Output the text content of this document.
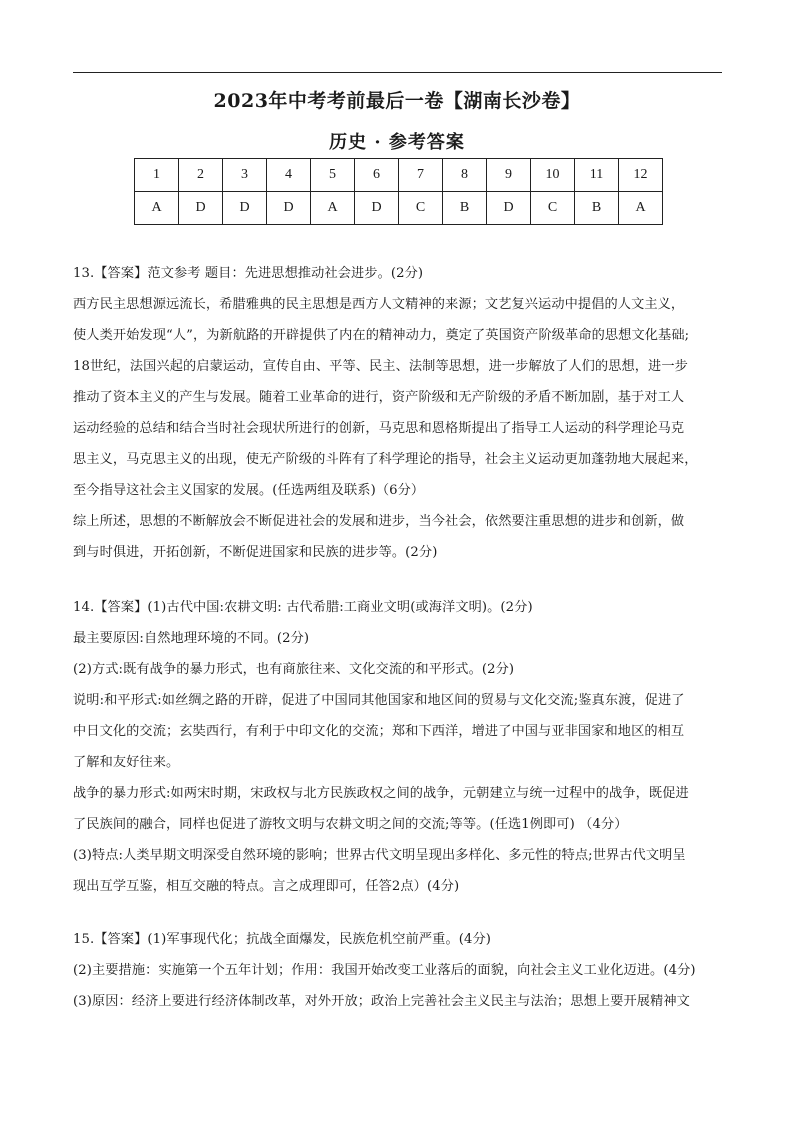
2023年中考考前最后一卷【湖南长沙卷】
历史 · 参考答案
1	2	3	4	5	6	7	8	9	10	11	12
A	D	D	D	A	D	C	B	D	C	B	A

13.【答案】范文参考 题目：先进思想推动社会进步。(2分)

西方民主思想源远流长，希腊雅典的民主思想是西方人文精神的来源；文艺复兴运动中提倡的人文主义，

使人类开始发现“人”，为新航路的开辟提供了内在的精神动力，奠定了英国资产阶级革命的思想文化基础;

18世纪，法国兴起的启蒙运动，宣传自由、平等、民主、法制等思想，进一步解放了人们的思想，进一步

推动了资本主义的产生与发展。随着工业革命的进行，资产阶级和无产阶级的矛盾不断加剧，基于对工人

运动经验的总结和结合当时社会现状所进行的创新，马克思和恩格斯提出了指导工人运动的科学理论马克

思主义，马克思主义的出现，使无产阶级的斗阵有了科学理论的指导，社会主义运动更加蓬勃地大展起来，

至今指导这社会主义国家的发展。(任选两组及联系)（6分）

综上所述，思想的不断解放会不断促进社会的发展和进步，当今社会，依然要注重思想的进步和创新，做

到与时俱进，开拓创新，不断促进国家和民族的进步等。(2分)

14.【答案】(1)古代中国:农耕文明: 古代希腊:工商业文明(或海洋文明)。(2分)

最主要原因:自然地理环境的不同。(2分)

(2)方式:既有战争的暴力形式，也有商旅往来、文化交流的和平形式。(2分)

说明:和平形式:如丝绸之路的开辟，促进了中国同其他国家和地区间的贸易与文化交流;鉴真东渡，促进了

中日文化的交流；玄奘西行，有利于中印文化的交流；郑和下西洋，增进了中国与亚非国家和地区的相互

了解和友好往来。

战争的暴力形式:如两宋时期，宋政权与北方民族政权之间的战争，元朝建立与统一过程中的战争，既促进

了民族间的融合，同样也促进了游牧文明与农耕文明之间的交流;等等。(任选1例即可) （4分）

(3)特点:人类早期文明深受自然环境的影响；世界古代文明呈现出多样化、多元性的特点;世界古代文明呈

现出互学互鉴，相互交融的特点。言之成理即可，任答2点）(4分)

15.【答案】(1)军事现代化；抗战全面爆发，民族危机空前严重。(4分)

(2)主要措施：实施第一个五年计划；作用：我国开始改变工业落后的面貌，向社会主义工业化迈进。(4分)

(3)原因：经济上要进行经济体制改革，对外开放；政治上完善社会主义民主与法治；思想上要开展精神文
